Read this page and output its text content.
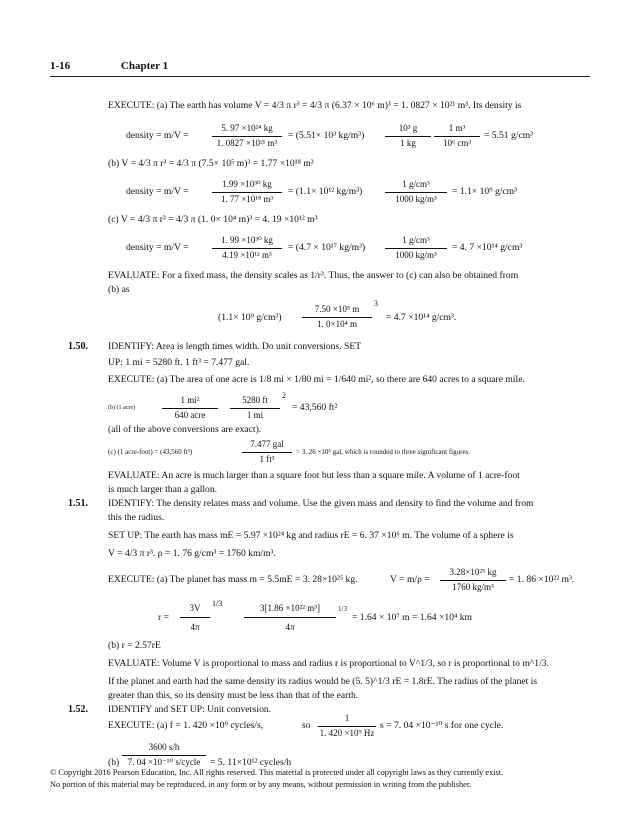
1-16	Chapter 1
EXECUTE: (a) The earth has volume V = 4/3 π r³ = 4/3 π (6.37 × 10⁶ m)³ = 1. 0827 × 10²¹ m³. Its density is
density = m/V =
5. 97 ×10²⁴ kg
1. 0827 ×10²¹ m³
= (5.51× 10³ kg/m³)
10³ g
1 kg
1 m³
10⁶ cm³
= 5.51 g/cm³
(b) V = 4/3 π r³ = 4/3 π (7.5× 10⁵ m)³ = 1.77 ×10¹⁸ m³
density = m/V =
1.99 ×10³⁰ kg
1. 77 ×10¹⁸ m³
= (1.1× 10¹² kg/m³)
1 g/cm³
1000 kg/m³
= 1.1× 10⁹ g/cm³
(c) V = 4/3 π r³ = 4/3 π (1. 0× 10⁴ m)³ = 4. 19 ×10¹² m³
density = m/V =
1. 99 ×10³⁰ kg
4.19 ×10¹² m³
= (4.7 × 10¹⁷ kg/m³)
1 g/cm³
1000 kg/m³
= 4. 7 ×10¹⁴ g/cm³
EVALUATE: For a fixed mass, the density scales as 1/r³. Thus, the answer to (c) can also be obtained from
(b) as
(1.1× 10⁹ g/cm³)
7.50 ×10⁵ m
1. 0×10⁴ m
3
= 4.7 ×10¹⁴ g/cm³.
1.50. IDENTIFY: Area is length times width. Do unit conversions. SET
UP: 1 mi = 5280 ft. 1 ft³ = 7.477 gal.
EXECUTE: (a) The area of one acre is 1/8 mi × 1/80 mi = 1/640 mi², so there are 640 acres to a square mile.
(b) (1 acre)
1 mi²
640 acre
5280 ft
1 mi
2
= 43,560 ft²
(all of the above conversions are exact).
(c) (1 acre-foot) = (43,560 ft³)
7.477 gal
1 ft³
= 3. 26 ×10⁵ gal, which is rounded to three significant figures.
EVALUATE: An acre is much larger than a square foot but less than a square mile. A volume of 1 acre-foot
is much larger than a gallon.
1.51. IDENTIFY: The density relates mass and volume. Use the given mass and density to find the volume and from
this the radius.
SET UP: The earth has mass mE = 5.97 ×10²⁴ kg and radius rE = 6. 37 ×10⁶ m. The volume of a sphere is
V = 4/3 π r³. ρ = 1. 76 g/cm³ = 1760 km/m³.
EXECUTE: (a) The planet has mass m = 5.5mE = 3. 28×10²⁵ kg.	V = m/ρ =
3.28×10²⁵ kg
1760 kg/m³
= 1. 86 ×10²² m³.
r =
3V
4π
1/3	3[1.86 ×10²² m³]
4π
1/3
= 1.64 × 10⁷ m = 1.64 ×10⁴ km
(b) r = 2.57rE
EVALUATE: Volume V is proportional to mass and radius r is proportional to V^1/3, so r is proportional to m^1/3.
If the planet and earth had the same density its radius would be (5. 5)^1/3 rE = 1.8rE. The radius of the planet is
greater than this, so its density must be less than that of the earth.
1.52. IDENTIFY and SET UP: Unit conversion.
EXECUTE: (a) f = 1. 420 ×10⁹ cycles/s,	so
1
1. 420 ×10⁹ Hz
s = 7. 04 ×10⁻¹⁰ s for one cycle.
3600 s/h
(b) 7. 04 ×10⁻¹⁰ s/cycle	= 5. 11×10¹² cycles/h
© Copyright 2016 Pearson Education, Inc. All rights reserved. This material is protected under all copyright laws as they currently exist.
No portion of this material may be reproduced, in any form or by any means, without permission in writing from the publisher.
